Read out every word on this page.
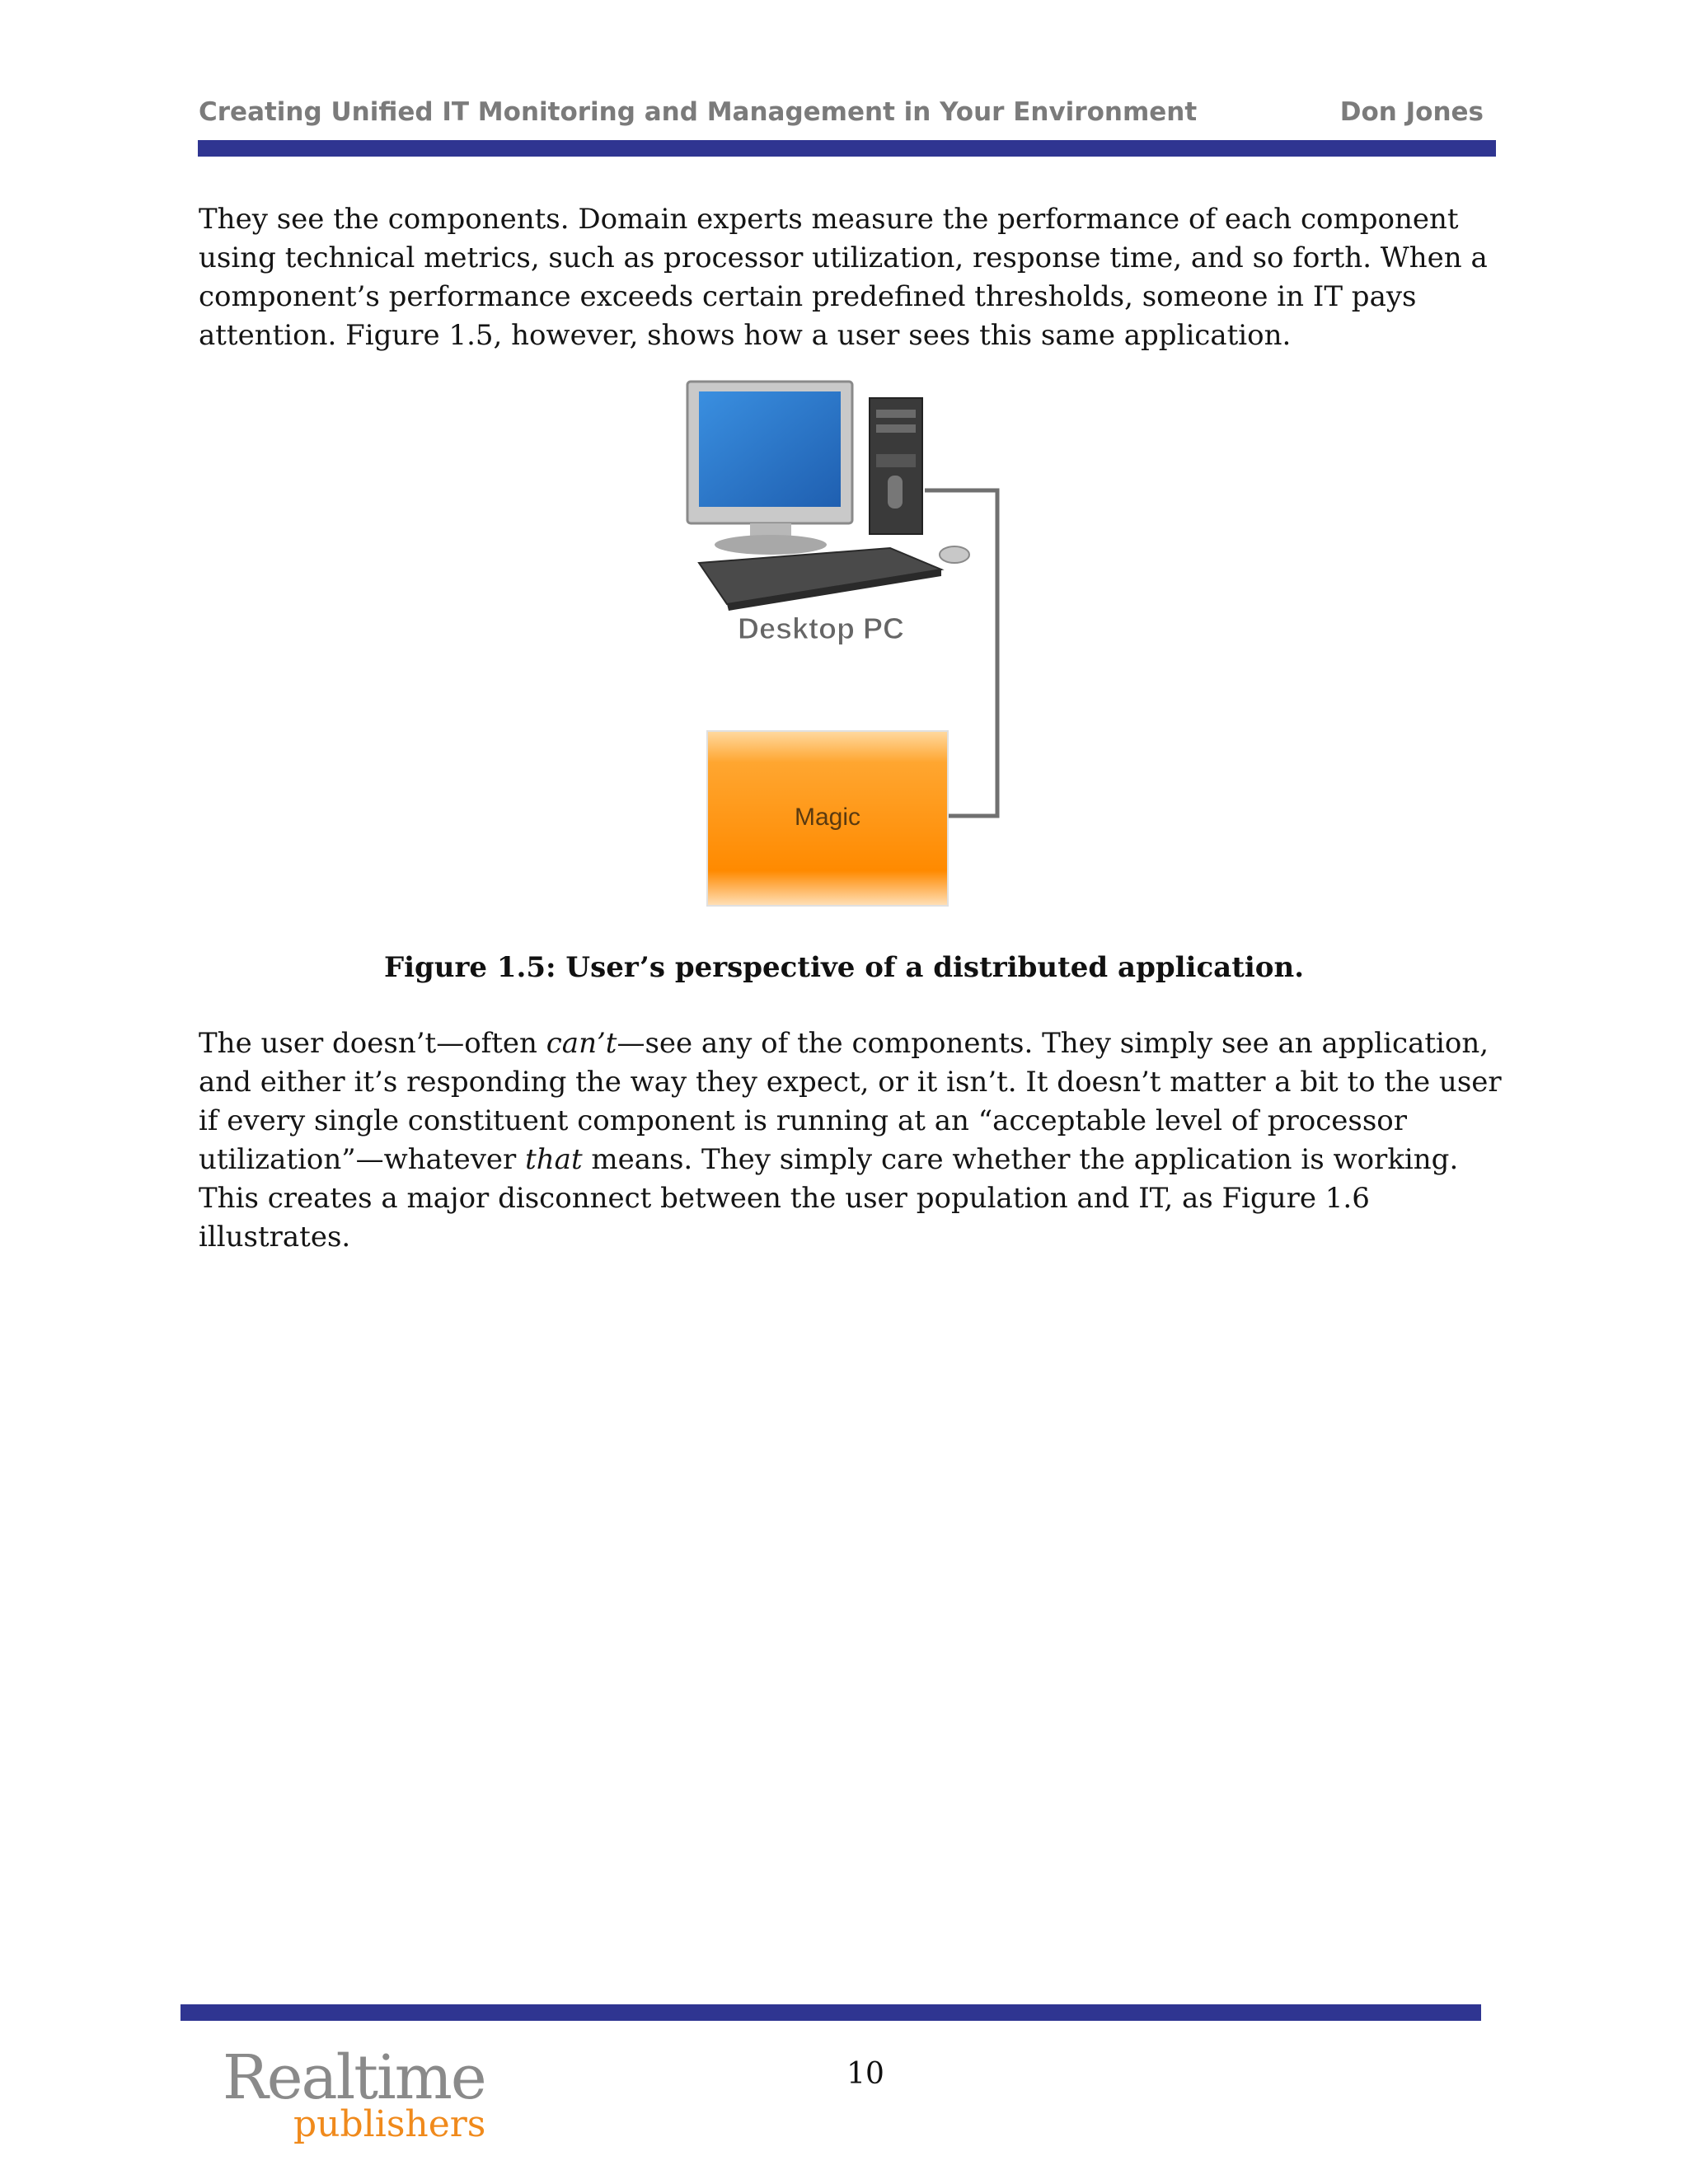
Creating Unified IT Monitoring and Management in Your Environment	Don Jones

They see the components. Domain experts measure the performance of each component
using technical metrics, such as processor utilization, response time, and so forth. When a
component’s performance exceeds certain predefined thresholds, someone in IT pays
attention. Figure 1.5, however, shows how a user sees this same application.

Desktop PC
Magic
Figure 1.5: User’s perspective of a distributed application.

The user doesn’t—often can’t—see any of the components. They simply see an application,
and either it’s responding the way they expect, or it isn’t. It doesn’t matter a bit to the user
if every single constituent component is running at an “acceptable level of processor
utilization”—whatever that means. They simply care whether the application is working.
This creates a major disconnect between the user population and IT, as Figure 1.6
illustrates.

Realtime
publishers
10
